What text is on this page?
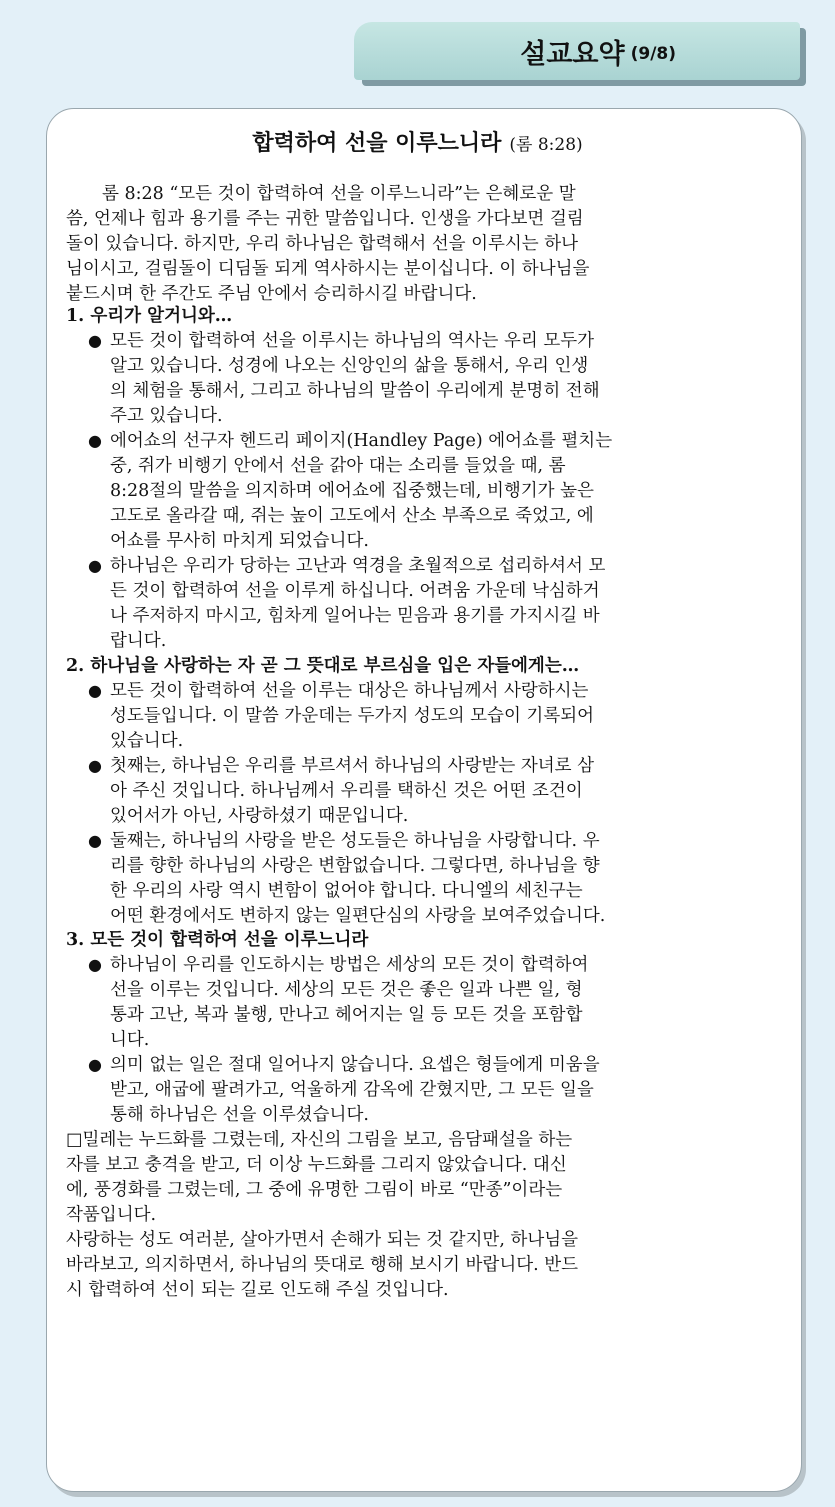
설교요약 (9/8)
합력하여 선을 이루느니라 (롬 8:28)
롬 8:28 “모든 것이 합력하여 선을 이루느니라”는 은혜로운 말
씀, 언제나 힘과 용기를 주는 귀한 말씀입니다. 인생을 가다보면 걸림
돌이 있습니다. 하지만, 우리 하나님은 합력해서 선을 이루시는 하나
님이시고, 걸림돌이 디딤돌 되게 역사하시는 분이십니다. 이 하나님을
붙드시며 한 주간도 주님 안에서 승리하시길 바랍니다.
1. 우리가 알거니와…
● 모든 것이 합력하여 선을 이루시는 하나님의 역사는 우리 모두가
알고 있습니다. 성경에 나오는 신앙인의 삶을 통해서, 우리 인생
의 체험을 통해서, 그리고 하나님의 말씀이 우리에게 분명히 전해
주고 있습니다.
● 에어쇼의 선구자 헨드리 페이지(Handley Page) 에어쇼를 펼치는
중, 쥐가 비행기 안에서 선을 갉아 대는 소리를 들었을 때, 롬
8:28절의 말씀을 의지하며 에어쇼에 집중했는데, 비행기가 높은
고도로 올라갈 때, 쥐는 높이 고도에서 산소 부족으로 죽었고, 에
어쇼를 무사히 마치게 되었습니다.
● 하나님은 우리가 당하는 고난과 역경을 초월적으로 섭리하셔서 모
든 것이 합력하여 선을 이루게 하십니다. 어려움 가운데 낙심하거
나 주저하지 마시고, 힘차게 일어나는 믿음과 용기를 가지시길 바
랍니다.
2. 하나님을 사랑하는 자 곧 그 뜻대로 부르심을 입은 자들에게는…
● 모든 것이 합력하여 선을 이루는 대상은 하나님께서 사랑하시는
성도들입니다. 이 말씀 가운데는 두가지 성도의 모습이 기록되어
있습니다.
● 첫째는, 하나님은 우리를 부르셔서 하나님의 사랑받는 자녀로 삼
아 주신 것입니다. 하나님께서 우리를 택하신 것은 어떤 조건이
있어서가 아닌, 사랑하셨기 때문입니다.
● 둘째는, 하나님의 사랑을 받은 성도들은 하나님을 사랑합니다. 우
리를 향한 하나님의 사랑은 변함없습니다. 그렇다면, 하나님을 향
한 우리의 사랑 역시 변함이 없어야 합니다. 다니엘의 세친구는
어떤 환경에서도 변하지 않는 일편단심의 사랑을 보여주었습니다.
3. 모든 것이 합력하여 선을 이루느니라
● 하나님이 우리를 인도하시는 방법은 세상의 모든 것이 합력하여
선을 이루는 것입니다. 세상의 모든 것은 좋은 일과 나쁜 일, 형
통과 고난, 복과 불행, 만나고 헤어지는 일 등 모든 것을 포함합
니다.
● 의미 없는 일은 절대 일어나지 않습니다. 요셉은 형들에게 미움을
받고, 애굽에 팔려가고, 억울하게 감옥에 갇혔지만, 그 모든 일을
통해 하나님은 선을 이루셨습니다.
□밀레는 누드화를 그렸는데, 자신의 그림을 보고, 음담패설을 하는
자를 보고 충격을 받고, 더 이상 누드화를 그리지 않았습니다. 대신
에, 풍경화를 그렸는데, 그 중에 유명한 그림이 바로 “만종”이라는
작품입니다.
사랑하는 성도 여러분, 살아가면서 손해가 되는 것 같지만, 하나님을
바라보고, 의지하면서, 하나님의 뜻대로 행해 보시기 바랍니다. 반드
시 합력하여 선이 되는 길로 인도해 주실 것입니다.
